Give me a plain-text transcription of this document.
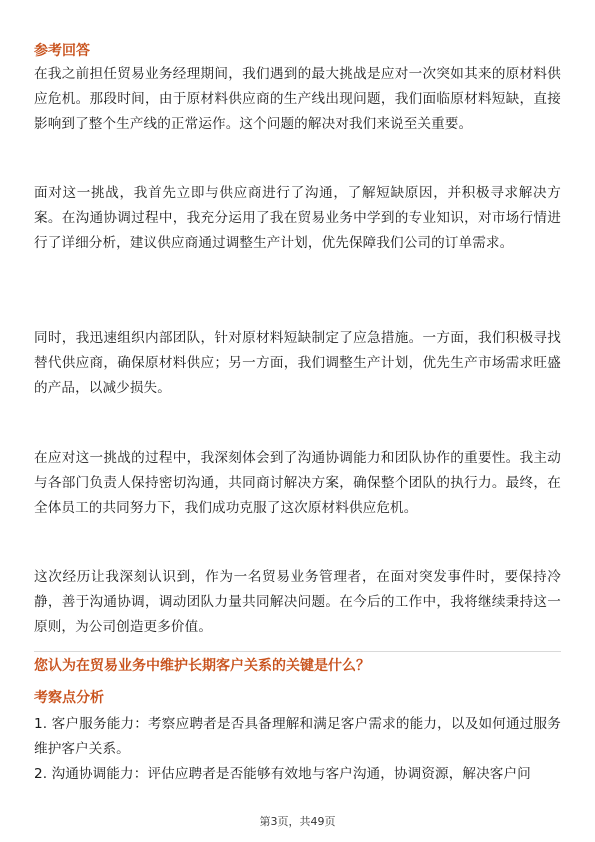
参考回答

在我之前担任贸易业务经理期间，我们遇到的最大挑战是应对一次突如其来的原材料供应危机。那段时间，由于原材料供应商的生产线出现问题，我们面临原材料短缺，直接影响到了整个生产线的正常运作。这个问题的解决对我们来说至关重要。

面对这一挑战，我首先立即与供应商进行了沟通，了解短缺原因，并积极寻求解决方案。在沟通协调过程中，我充分运用了我在贸易业务中学到的专业知识，对市场行情进行了详细分析，建议供应商通过调整生产计划，优先保障我们公司的订单需求。

同时，我迅速组织内部团队，针对原材料短缺制定了应急措施。一方面，我们积极寻找替代供应商，确保原材料供应；另一方面，我们调整生产计划，优先生产市场需求旺盛的产品，以减少损失。

在应对这一挑战的过程中，我深刻体会到了沟通协调能力和团队协作的重要性。我主动与各部门负责人保持密切沟通，共同商讨解决方案，确保整个团队的执行力。最终，在全体员工的共同努力下，我们成功克服了这次原材料供应危机。

这次经历让我深刻认识到，作为一名贸易业务管理者，在面对突发事件时，要保持冷静，善于沟通协调，调动团队力量共同解决问题。在今后的工作中，我将继续秉持这一原则，为公司创造更多价值。

您认为在贸易业务中维护长期客户关系的关键是什么？
考察点分析
1. 客户服务能力：考察应聘者是否具备理解和满足客户需求的能力，以及如何通过服务维护客户关系。
2. 沟通协调能力：评估应聘者是否能够有效地与客户沟通，协调资源，解决客户问
第3页，共49页
